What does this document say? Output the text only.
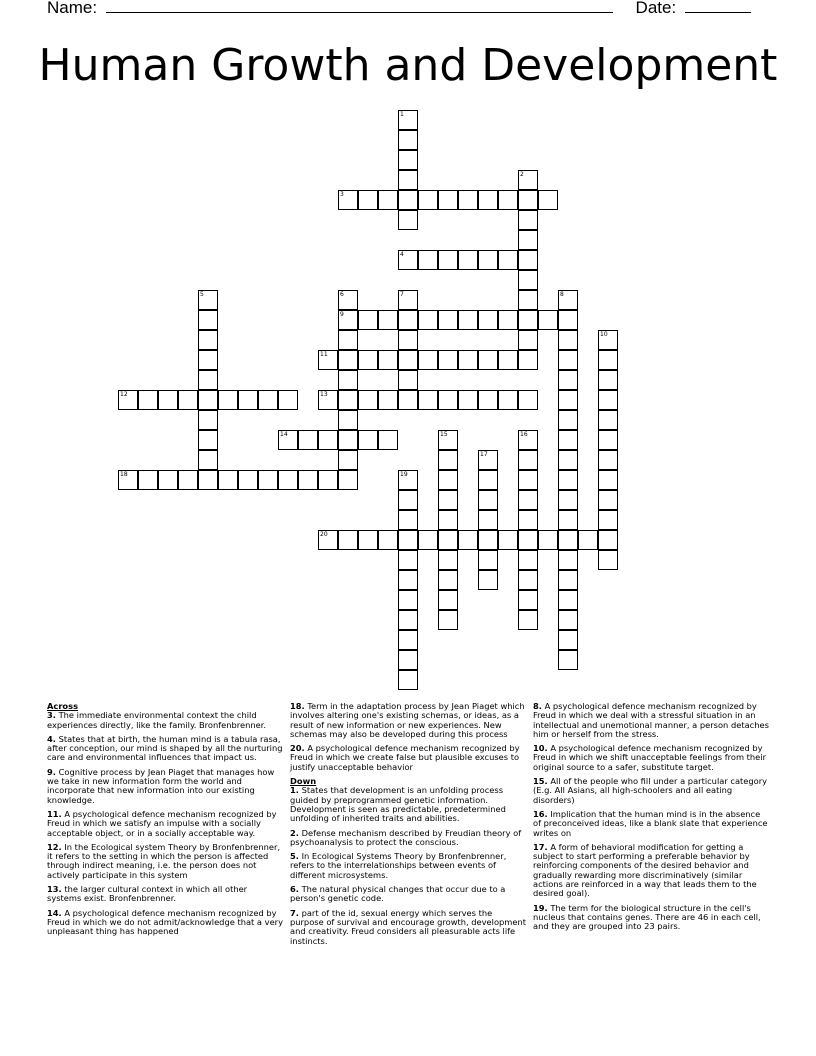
Name:	Date:
Human Growth and Development
1
2
3
4
5	6
9
7	8
10
11
12	13
14	15	16
17
18	19
20

Across

3. The immediate environmental context the child experiences directly, like the family. Bronfenbrenner.

4. States that at birth, the human mind is a tabula rasa, after conception, our mind is shaped by all the nurturing care and environmental influences that impact us.

9. Cognitive process by Jean Piaget that manages how we take in new information form the world and incorporate that new information into our existing knowledge.

11. A psychological defence mechanism recognized by Freud in which we satisfy an impulse with a socially acceptable object, or in a socially acceptable way.

12. In the Ecological system Theory by Bronfenbrenner, it refers to the setting in which the person is affected through indirect meaning, i.e. the person does not actively participate in this system

13. the larger cultural context in which all other systems exist. Bronfenbrenner.

14. A psychological defence mechanism recognized by Freud in which we do not admit/acknowledge that a very unpleasant thing has happened

18. Term in the adaptation process by Jean Piaget which involves altering one's existing schemas, or ideas, as a result of new information or new experiences. New schemas may also be developed during this process

20. A psychological defence mechanism recognized by Freud in which we create false but plausible excuses to justify unacceptable behavior

Down

1. States that development is an unfolding process guided by preprogrammed genetic information. Development is seen as predictable, predetermined unfolding of inherited traits and abilities.

2. Defense mechanism described by Freudian theory of psychoanalysis to protect the conscious.

5. In Ecological Systems Theory by Bronfenbrenner, refers to the interrelationships between events of different microsystems.

6. The natural physical changes that occur due to a person's genetic code.

7. part of the id, sexual energy which serves the purpose of survival and encourage growth, development and creativity. Freud considers all pleasurable acts life instincts.

8. A psychological defence mechanism recognized by Freud in which we deal with a stressful situation in an intellectual and unemotional manner, a person detaches him or herself from the stress.

10. A psychological defence mechanism recognized by Freud in which we shift unacceptable feelings from their original source to a safer, substitute target.

15. All of the people who fill under a particular category (E.g. All Asians, all high-schoolers and all eating disorders)

16. Implication that the human mind is in the absence of preconceived ideas, like a blank slate that experience writes on

17. A form of behavioral modification for getting a subject to start performing a preferable behavior by reinforcing components of the desired behavior and gradually rewarding more discriminatively (similar actions are reinforced in a way that leads them to the desired goal).

19. The term for the biological structure in the cell's nucleus that contains genes. There are 46 in each cell, and they are grouped into 23 pairs.
